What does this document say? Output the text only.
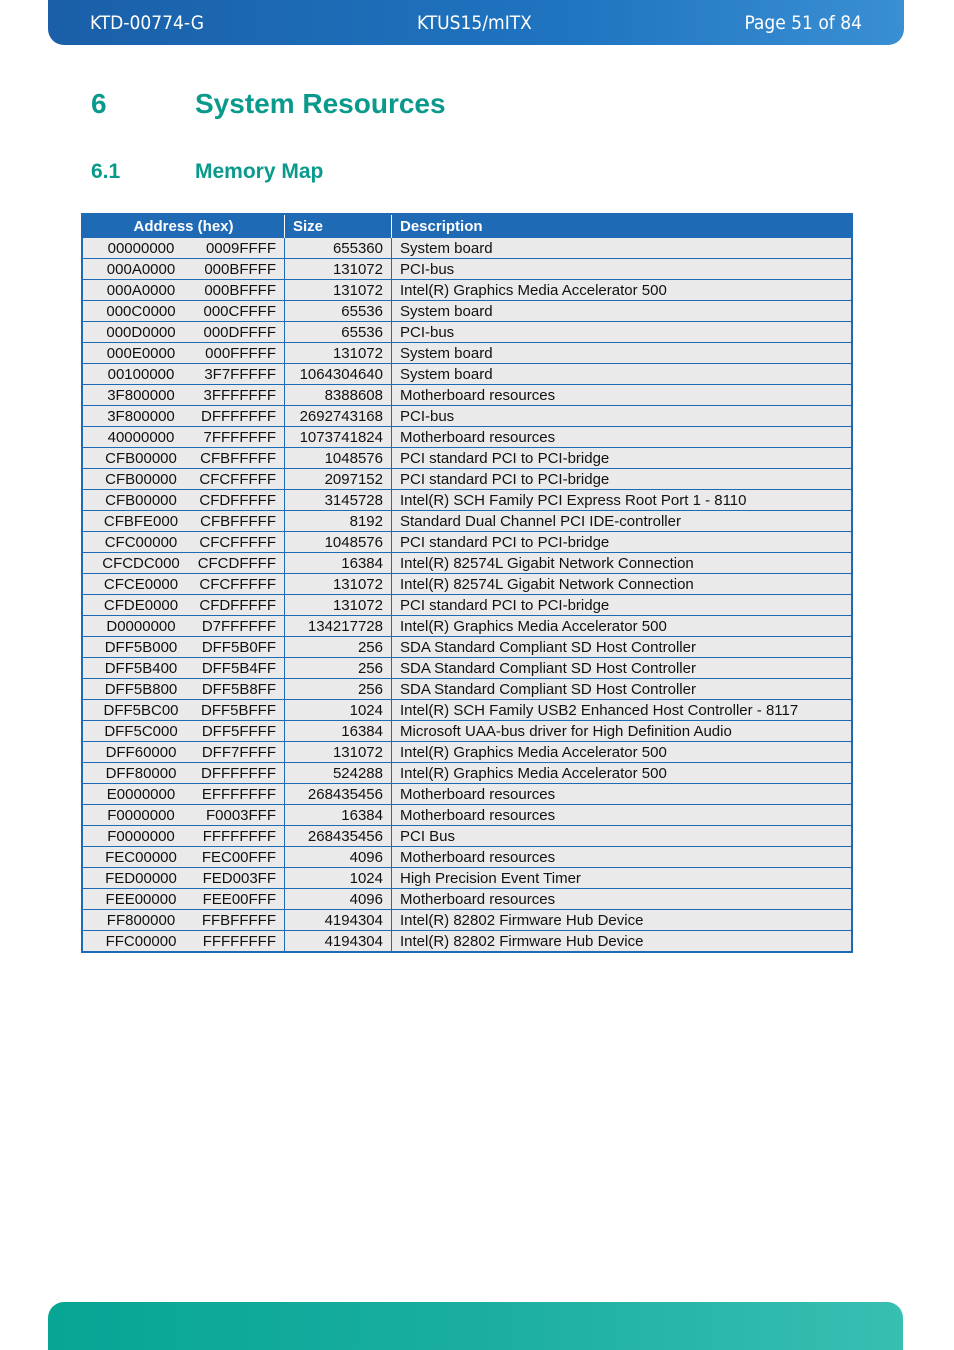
KTD-00774-G	KTUS15/mITX	Page 51 of 84
6	System Resources
6.1	Memory Map
Address (hex)	Size	Description
00000000 0009FFFF	655360	System board
000A0000 000BFFFF	131072	PCI-bus
000A0000 000BFFFF	131072	Intel(R) Graphics Media Accelerator 500
000C0000 000CFFFF	65536	System board
000D0000 000DFFFF	65536	PCI-bus
000E0000 000FFFFF	131072	System board
00100000 3F7FFFFF	1064304640	System board
3F800000 3FFFFFFF	8388608	Motherboard resources
3F800000 DFFFFFFF	2692743168	PCI-bus
40000000 7FFFFFFF	1073741824	Motherboard resources
CFB00000 CFBFFFFF	1048576	PCI standard PCI to PCI-bridge
CFB00000 CFCFFFFF	2097152	PCI standard PCI to PCI-bridge
CFB00000 CFDFFFFF	3145728	Intel(R) SCH Family PCI Express Root Port 1 - 8110
CFBFE000 CFBFFFFF	8192	Standard Dual Channel PCI IDE-controller
CFC00000 CFCFFFFF	1048576	PCI standard PCI to PCI-bridge
CFCDC000 CFCDFFFF	16384	Intel(R) 82574L Gigabit Network Connection
CFCE0000 CFCFFFFF	131072	Intel(R) 82574L Gigabit Network Connection
CFDE0000 CFDFFFFF	131072	PCI standard PCI to PCI-bridge
D0000000 D7FFFFFF	134217728	Intel(R) Graphics Media Accelerator 500
DFF5B000 DFF5B0FF	256	SDA Standard Compliant SD Host Controller
DFF5B400 DFF5B4FF	256	SDA Standard Compliant SD Host Controller
DFF5B800 DFF5B8FF	256	SDA Standard Compliant SD Host Controller
DFF5BC00 DFF5BFFF	1024	Intel(R) SCH Family USB2 Enhanced Host Controller - 8117
DFF5C000 DFF5FFFF	16384	Microsoft UAA-bus driver for High Definition Audio
DFF60000 DFF7FFFF	131072	Intel(R) Graphics Media Accelerator 500
DFF80000 DFFFFFFF	524288	Intel(R) Graphics Media Accelerator 500
E0000000 EFFFFFFF	268435456	Motherboard resources
F0000000 F0003FFF	16384	Motherboard resources
F0000000 FFFFFFFF	268435456	PCI Bus
FEC00000 FEC00FFF	4096	Motherboard resources
FED00000 FED003FF	1024	High Precision Event Timer
FEE00000 FEE00FFF	4096	Motherboard resources
FF800000 FFBFFFFF	4194304	Intel(R) 82802 Firmware Hub Device
FFC00000 FFFFFFFF	4194304	Intel(R) 82802 Firmware Hub Device
